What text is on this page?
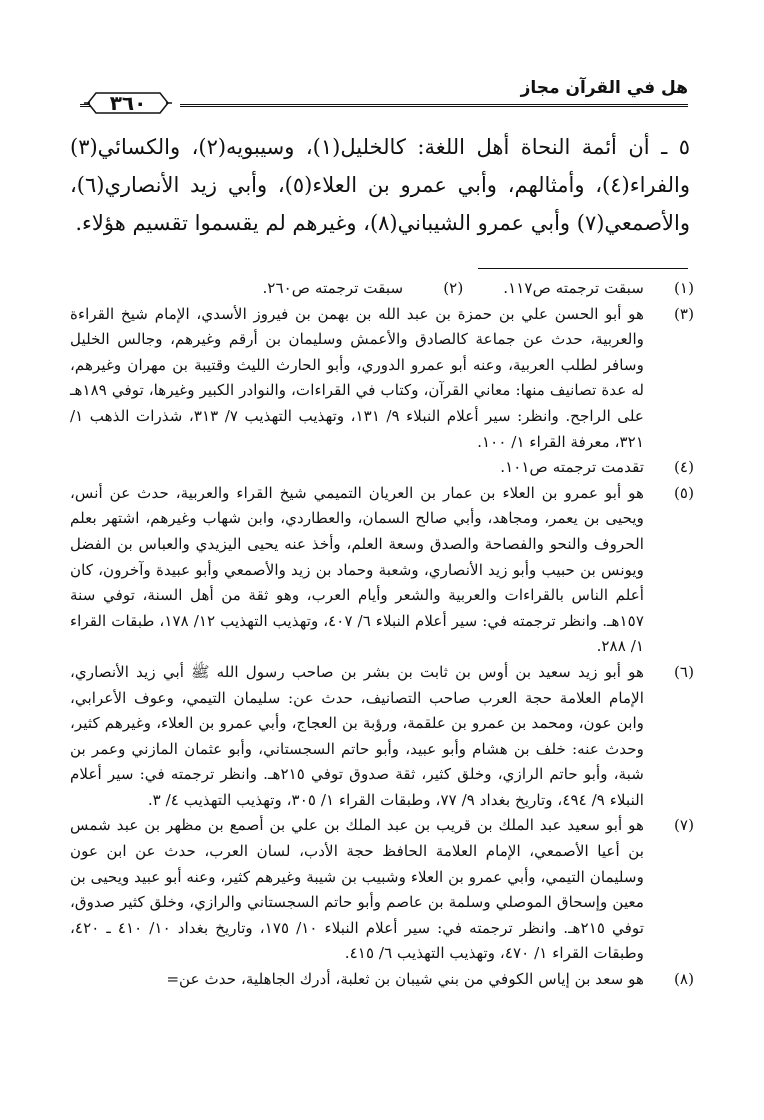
هل في القرآن مجاز
٣٦٠

٥ ـ أن أئمة النحاة أهل اللغة: كالخليل(١)، وسيبويه(٢)، والكسائي(٣) والفراء(٤)، وأمثالهم، وأبي عمرو بن العلاء(٥)، وأبي زيد الأنصاري(٦)، والأصمعي(٧) وأبي عمرو الشيباني(٨)، وغيرهم لم يقسموا تقسيم هؤلاء.

(١)
سبقت ترجمته ص١١٧.
(٢)
سبقت ترجمته ص٢٦٠.
(٣)
هو أبو الحسن علي بن حمزة بن عبد الله بن بهمن بن فيروز الأسدي، الإمام شيخ القراءة والعربية، حدث عن جماعة كالصادق والأعمش وسليمان بن أرقم وغيرهم، وجالس الخليل وسافر لطلب العربية، وعنه أبو عمرو الدوري، وأبو الحارث الليث وقتيبة بن مهران وغيرهم، له عدة تصانيف منها: معاني القرآن، وكتاب في القراءات، والنوادر الكبير وغيرها، توفي ١٨٩هـ على الراجح. وانظر: سير أعلام النبلاء ٩/ ١٣١، وتهذيب التهذيب ٧/ ٣١٣، شذرات الذهب ١/ ٣٢١، معرفة القراء ١/ ١٠٠.
(٤)
تقدمت ترجمته ص١٠١.
(٥)
هو أبو عمرو بن العلاء بن عمار بن العريان التميمي شيخ القراء والعربية، حدث عن أنس، ويحيى بن يعمر، ومجاهد، وأبي صالح السمان، والعطاردي، وابن شهاب وغيرهم، اشتهر بعلم الحروف والنحو والفصاحة والصدق وسعة العلم، وأخذ عنه يحيى اليزيدي والعباس بن الفضل ويونس بن حبيب وأبو زيد الأنصاري، وشعبة وحماد بن زيد والأصمعي وأبو عبيدة وآخرون، كان أعلم الناس بالقراءات والعربية والشعر وأيام العرب، وهو ثقة من أهل السنة، توفي سنة ١٥٧هـ. وانظر ترجمته في: سير أعلام النبلاء ٦/ ٤٠٧، وتهذيب التهذيب ١٢/ ١٧٨، طبقات القراء ١/ ٢٨٨.
(٦)
هو أبو زيد سعيد بن أوس بن ثابت بن بشر بن صاحب رسول الله ﷺ أبي زيد الأنصاري، الإمام العلامة حجة العرب صاحب التصانيف، حدث عن: سليمان التيمي، وعوف الأعرابي، وابن عون، ومحمد بن عمرو بن علقمة، ورؤبة بن العجاج، وأبي عمرو بن العلاء، وغيرهم كثير، وحدث عنه: خلف بن هشام وأبو عبيد، وأبو حاتم السجستاني، وأبو عثمان المازني وعمر بن شبة، وأبو حاتم الرازي، وخلق كثير، ثقة صدوق توفي ٢١٥هـ. وانظر ترجمته في: سير أعلام النبلاء ٩/ ٤٩٤، وتاريخ بغداد ٩/ ٧٧، وطبقات القراء ١/ ٣٠٥، وتهذيب التهذيب ٤/ ٣.
(٧)
هو أبو سعيد عبد الملك بن قريب بن عبد الملك بن علي بن أصمع بن مظهر بن عبد شمس بن أعيا الأصمعي، الإمام العلامة الحافظ حجة الأدب، لسان العرب، حدث عن ابن عون وسليمان التيمي، وأبي عمرو بن العلاء وشبيب بن شيبة وغيرهم كثير، وعنه أبو عبيد ويحيى بن معين وإسحاق الموصلي وسلمة بن عاصم وأبو حاتم السجستاني والرازي، وخلق كثير صدوق، توفي ٢١٥هـ. وانظر ترجمته في: سير أعلام النبلاء ١٠/ ١٧٥، وتاريخ بغداد ١٠/ ٤١٠ ـ ٤٢٠، وطبقات القراء ١/ ٤٧٠، وتهذيب التهذيب ٦/ ٤١٥.
(٨)
هو سعد بن إياس الكوفي من بني شيبان بن ثعلبة، أدرك الجاهلية، حدث عن=
